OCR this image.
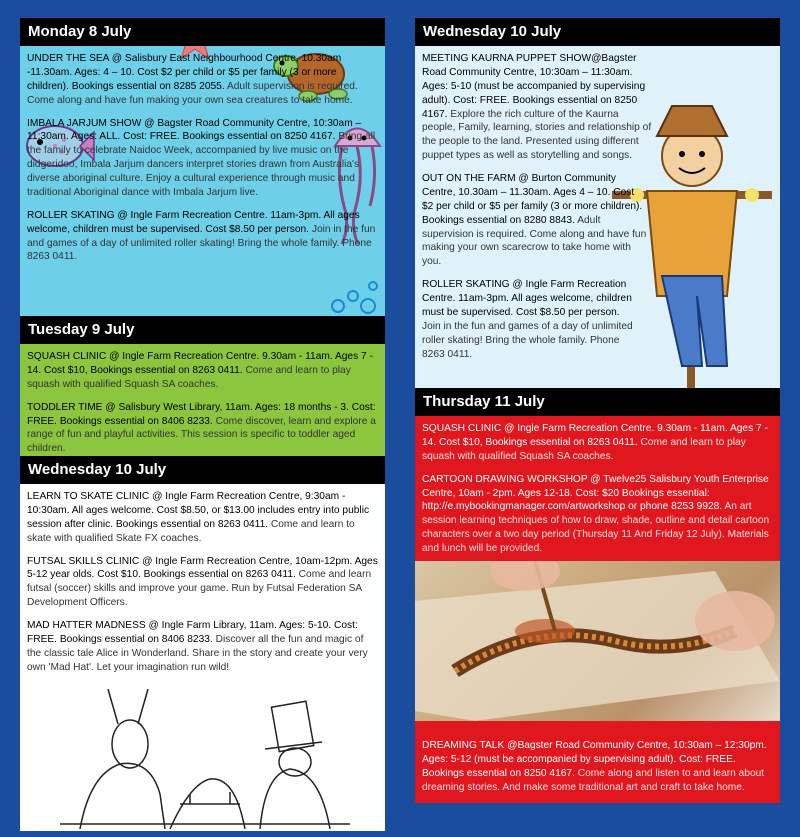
Monday 8 July

UNDER THE SEA @ Salisbury East Neighbourhood Centre, 10.30am -11.30am. Ages: 4 – 10. Cost $2 per child or $5 per family (3 or more children). Bookings essential on 8285 2055. Adult supervision is required. Come along and have fun making your own sea creatures to take home.

IMBALA JARJUM SHOW @ Bagster Road Community Centre, 10:30am – 11:30am. Ages: ALL. Cost: FREE. Bookings essential on 8250 4167. Bring all the family to celebrate Naidoc Week, accompanied by live music on the didgeridoo, Imbala Jarjum dancers interpret stories drawn from Australia's diverse aboriginal culture. Enjoy a cultural experience through music and traditional Aboriginal dance with Imbala Jarjum live.

ROLLER SKATING @ Ingle Farm Recreation Centre. 11am-3pm. All ages welcome, children must be supervised. Cost $8.50 per person. Join in the fun and games of a day of unlimited roller skating! Bring the whole family. Phone 8263 0411.

Tuesday 9 July

SQUASH CLINIC @ Ingle Farm Recreation Centre. 9.30am - 11am. Ages 7 - 14. Cost $10, Bookings essential on 8263 0411. Come and learn to play squash with qualified Squash SA coaches.

TODDLER TIME @ Salisbury West Library, 11am. Ages: 18 months - 3. Cost: FREE. Bookings essential on 8406 8233. Come discover, learn and explore a range of fun and playful activities. This session is specific to toddler aged children.

Wednesday 10 July

LEARN TO SKATE CLINIC @ Ingle Farm Recreation Centre, 9:30am - 10:30am. All ages welcome. Cost $8.50, or $13.00 includes entry into public session after clinic. Bookings essential on 8263 0411. Come and learn to skate with qualified Skate FX coaches.

FUTSAL SKILLS CLINIC @ Ingle Farm Recreation Centre, 10am-12pm. Ages 5-12 year olds. Cost $10. Bookings essential on 8263 0411. Come and learn futsal (soccer) skills and improve your game. Run by Futsal Federation SA Development Officers.

MAD HATTER MADNESS @ Ingle Farm Library, 11am. Ages: 5-10. Cost: FREE. Bookings essential on 8406 8233. Discover all the fun and magic of the classic tale Alice in Wonderland. Share in the story and create your very own 'Mad Hat'. Let your imagination run wild!

Wednesday 10 July

MEETING KAURNA PUPPET SHOW@Bagster Road Community Centre, 10:30am – 11:30am. Ages: 5-10 (must be accompanied by supervising adult). Cost: FREE. Bookings essential on 8250 4167. Explore the rich culture of the Kaurna people, Family, learning, stories and relationship of the people to the land. Presented using different puppet types as well as storytelling and songs.

OUT ON THE FARM @ Burton Community Centre, 10.30am – 11.30am. Ages 4 – 10. Cost $2 per child or $5 per family (3 or more children). Bookings essential on 8280 8843. Adult supervision is required. Come along and have fun making your own scarecrow to take home with you.

ROLLER SKATING @ Ingle Farm Recreation Centre. 11am-3pm. All ages welcome, children must be supervised. Cost $8.50 per person. Join in the fun and games of a day of unlimited roller skating! Bring the whole family. Phone 8263 0411.

Thursday 11 July

SQUASH CLINIC @ Ingle Farm Recreation Centre. 9.30am - 11am. Ages 7 - 14. Cost $10, Bookings essential on 8263 0411. Come and learn to play squash with qualified Squash SA coaches.

CARTOON DRAWING WORKSHOP @ Twelve25 Salisbury Youth Enterprise Centre, 10am - 2pm. Ages 12-18. Cost: $20 Bookings essential: http://e.mybookingmanager.com/artworkshop or phone 8253 9928. An art session learning techniques of how to draw, shade, outline and detail cartoon characters over a two day period (Thursday 11 And Friday 12 July). Materials and lunch will be provided.

DREAMING TALK @Bagster Road Community Centre, 10:30am – 12:30pm. Ages: 5-12 (must be accompanied by supervising adult). Cost: FREE. Bookings essential on 8250 4167. Come along and listen to and learn about dreaming stories. And make some traditional art and craft to take home.
